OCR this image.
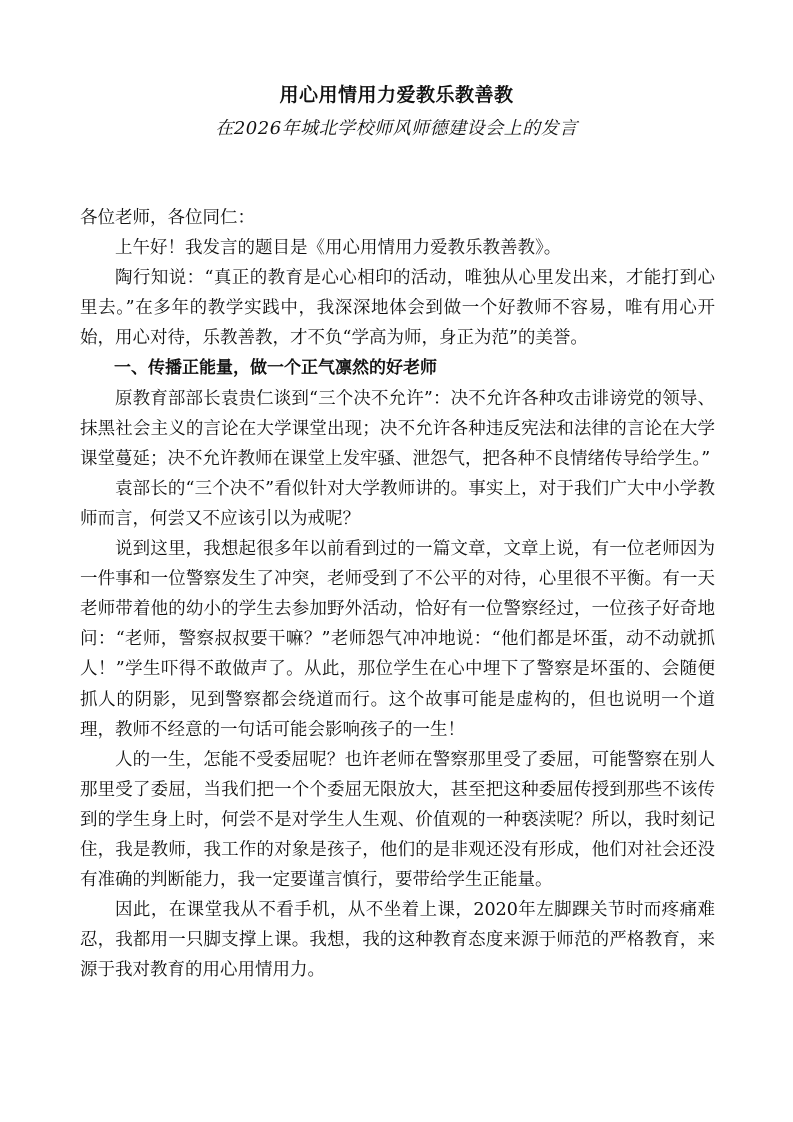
用心用情用力爱教乐教善教
在2026年城北学校师风师德建设会上的发言

各位老师，各位同仁：

上午好！我发言的题目是《用心用情用力爱教乐教善教》。

陶行知说：“真正的教育是心心相印的活动，唯独从心里发出来，才能打到心里去。”在多年的教学实践中，我深深地体会到做一个好教师不容易，唯有用心开始，用心对待，乐教善教，才不负“学高为师，身正为范”的美誉。

一、传播正能量，做一个正气凛然的好老师

原教育部部长袁贵仁谈到“三个决不允许”：决不允许各种攻击诽谤党的领导、抹黑社会主义的言论在大学课堂出现；决不允许各种违反宪法和法律的言论在大学课堂蔓延；决不允许教师在课堂上发牢骚、泄怨气，把各种不良情绪传导给学生。”

袁部长的“三个决不”看似针对大学教师讲的。事实上，对于我们广大中小学教师而言，何尝又不应该引以为戒呢？

说到这里，我想起很多年以前看到过的一篇文章，文章上说，有一位老师因为一件事和一位警察发生了冲突，老师受到了不公平的对待，心里很不平衡。有一天老师带着他的幼小的学生去参加野外活动，恰好有一位警察经过，一位孩子好奇地问：“老师，警察叔叔要干嘛？”老师怨气冲冲地说：“他们都是坏蛋，动不动就抓人！”学生吓得不敢做声了。从此，那位学生在心中埋下了警察是坏蛋的、会随便抓人的阴影，见到警察都会绕道而行。这个故事可能是虚构的，但也说明一个道理，教师不经意的一句话可能会影响孩子的一生！

人的一生，怎能不受委屈呢？也许老师在警察那里受了委屈，可能警察在别人那里受了委屈，当我们把一个个委屈无限放大，甚至把这种委屈传授到那些不该传到的学生身上时，何尝不是对学生人生观、价值观的一种亵渎呢？所以，我时刻记住，我是教师，我工作的对象是孩子，他们的是非观还没有形成，他们对社会还没有准确的判断能力，我一定要谨言慎行，要带给学生正能量。

因此，在课堂我从不看手机，从不坐着上课，2020年左脚踝关节时而疼痛难忍，我都用一只脚支撑上课。我想，我的这种教育态度来源于师范的严格教育，来源于我对教育的用心用情用力。
